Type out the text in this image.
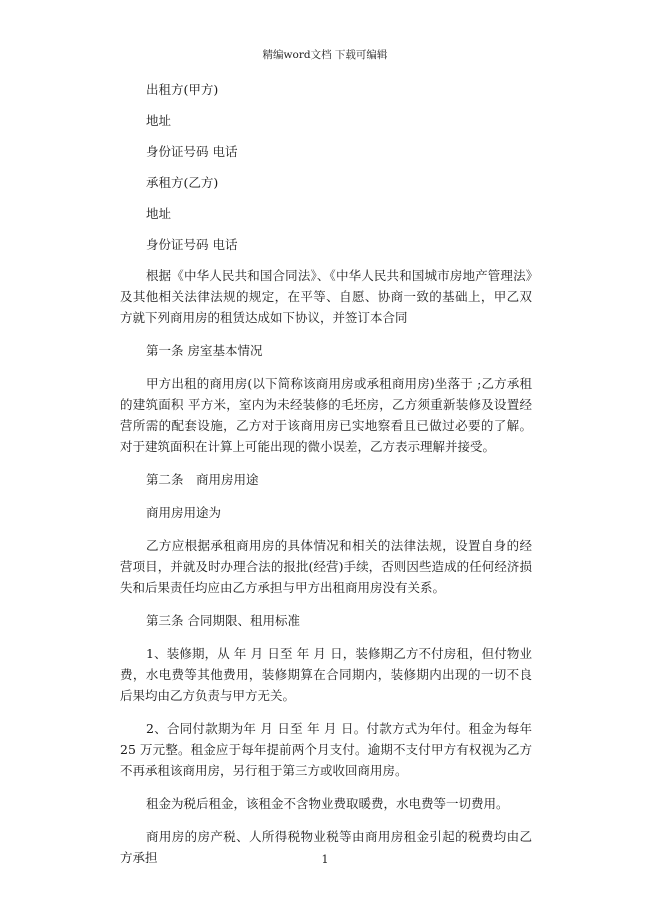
精编word文档 下载可编辑

出租方(甲方)

地址

身份证号码 电话

承租方(乙方)

地址

身份证号码 电话

根据《中华人民共和国合同法》、《中华人民共和国城市房地产管理法》及其他相关法律法规的规定，在平等、自愿、协商一致的基础上，甲乙双方就下列商用房的租赁达成如下协议，并签订本合同

第一条 房室基本情况

甲方出租的商用房(以下简称该商用房或承租商用房)坐落于 ;乙方承租的建筑面积 平方米，室内为未经装修的毛坯房，乙方须重新装修及设置经营所需的配套设施，乙方对于该商用房已实地察看且已做过必要的了解。对于建筑面积在计算上可能出现的微小误差，乙方表示理解并接受。

第二条　商用房用途

商用房用途为

乙方应根据承租商用房的具体情况和相关的法律法规，设置自身的经营项目，并就及时办理合法的报批(经营)手续，否则因些造成的任何经济损失和后果责任均应由乙方承担与甲方出租商用房没有关系。

第三条 合同期限、租用标准

1、装修期，从 年 月 日至 年 月 日，装修期乙方不付房租，但付物业费，水电费等其他费用，装修期算在合同期内，装修期内出现的一切不良后果均由乙方负责与甲方无关。

2、合同付款期为年 月 日至 年 月 日。付款方式为年付。租金为每年 25 万元整。租金应于每年提前两个月支付。逾期不支付甲方有权视为乙方不再承租该商用房，另行租于第三方或收回商用房。

租金为税后租金，该租金不含物业费取暖费，水电费等一切费用。

商用房的房产税、人所得税物业税等由商用房租金引起的税费均由乙方承担	1
